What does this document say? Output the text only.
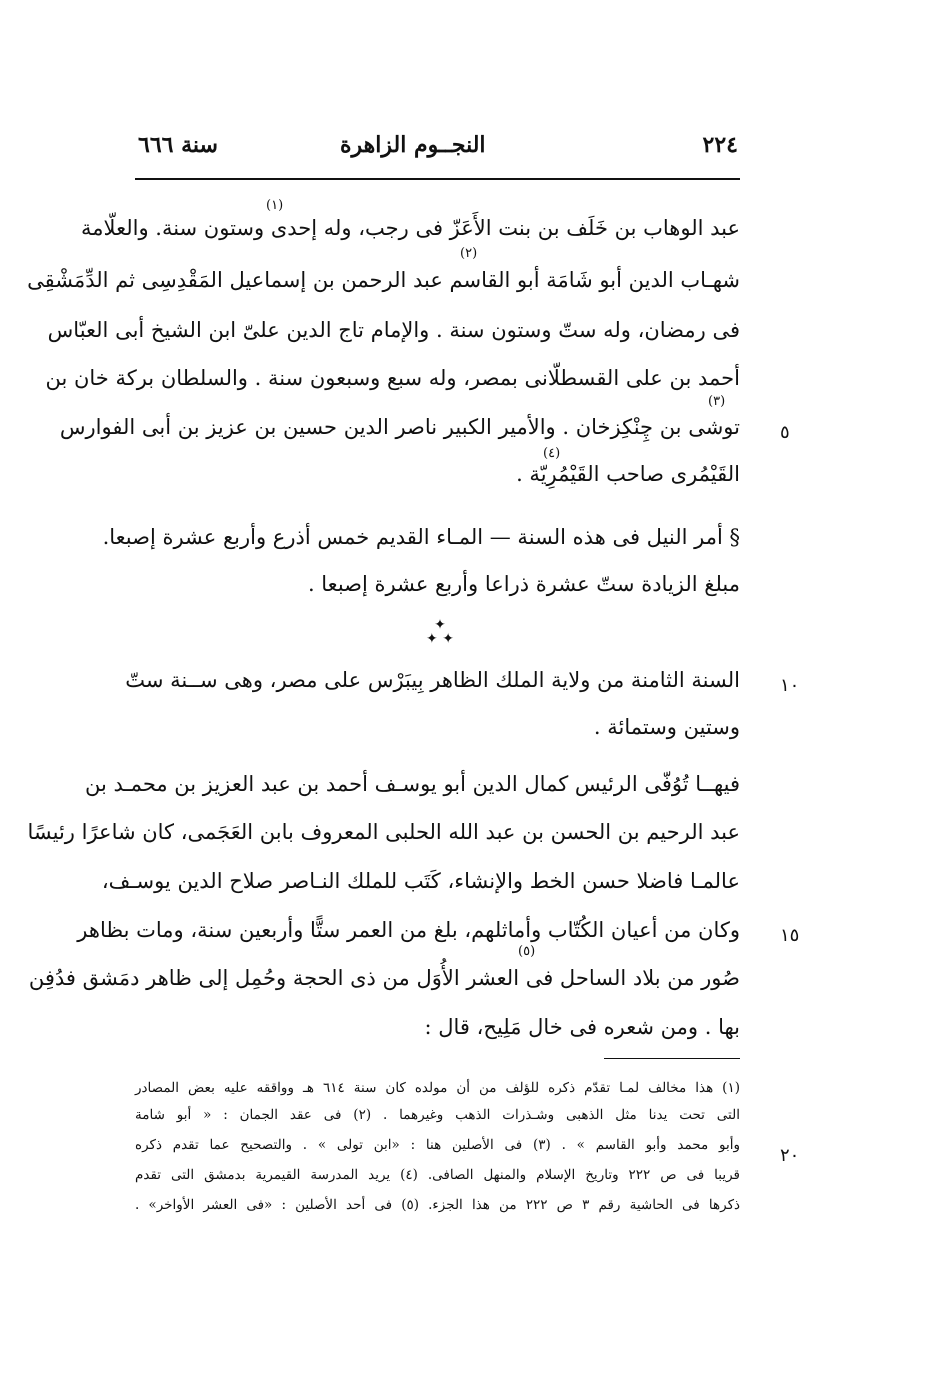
٢٢٤
النجــوم الزاهرة
سنة ٦٦٦
(١)
(٢)
(٣)
(٤)
(٥)
عبد الوهاب بن خَلَف بن بنت الأَعَزّ فى رجب، وله إحدى وستون سنة. والعلّامة
شهـاب الدين أبو شَامَة أبو القاسم عبد الرحمن بن إسماعيل المَقْدِسِى ثم الدِّمَشْقِى
فى رمضان، وله ستّ وستون سنة . والإمام تاج الدين علىّ ابن الشيخ أبى العبّاس
أحمد بن على القسطلّانى بمصر، وله سبع وسبعون سنة . والسلطان بركة خان بن
توشى بن چِنْكِزخان . والأمير الكبير ناصر الدين حسين بن عزيز بن أبى الفوارس
القَيْمُرى صاحب القَيْمُرِيّة .
§ أمر النيل فى هذه السنة — المـاء القديم خمس أذرع وأربع عشرة إصبعا.
مبلغ الزيادة ستّ عشرة ذراعا وأربع عشرة إصبعا .
✦
✦ ✦
السنة الثامنة من ولاية الملك الظاهر بِيبَرْس على مصر، وهى ســنة ستّ
وستين وستمائة .
فيهــا تُوُفّى الرئيس كمال الدين أبو يوسـف أحمد بن عبد العزيز بن محمـد بن
عبد الرحيم بن الحسن بن عبد الله الحلبى المعروف بابن العَجَمى، كان شاعرًا رئيسًا
عالمـا فاضلا حسن الخط والإنشاء، كَتَب للملك النـاصر صلاح الدين يوسـف،
وكان من أعيان الكُتّاب وأماثلهم، بلغ من العمر ستًّا وأربعين سنة، ومات بظاهر
صُور من بلاد الساحل فى العشر الأُوَل من ذى الحجة وحُمِل إلى ظاهر دمَشق فدُفِن
بها . ومن شعره فى خال مَلِيح، قال :
٥
١٠
١٥
٢٠
(١) هذا مخالف لمـا تقدّم ذكره للؤلف من أن مولده كان سنة ٦١٤ هـ وواققه عليه بعض المصادر
التى تحت يدنا مثل الذهبى وشـذرات الذهب وغيرهما . (٢) فى عقد الجمان : « أبو شامة
وأبو محمد وأبو القاسم » . (٣) فى الأصلين هنا : «ابن تولى » . والتصحيح عما تقدم ذكره
قريبا فى ص ٢٢٢ وتاريخ الإسلام والمنهل الصافى. (٤) يريد المدرسة القيمرية بدمشق التى تقدم
ذكرها فى الحاشية رقم ٣ ص ٢٢٢ من هذا الجزء. (٥) فى أحد الأصلين : «فى العشر الأواخر» .
